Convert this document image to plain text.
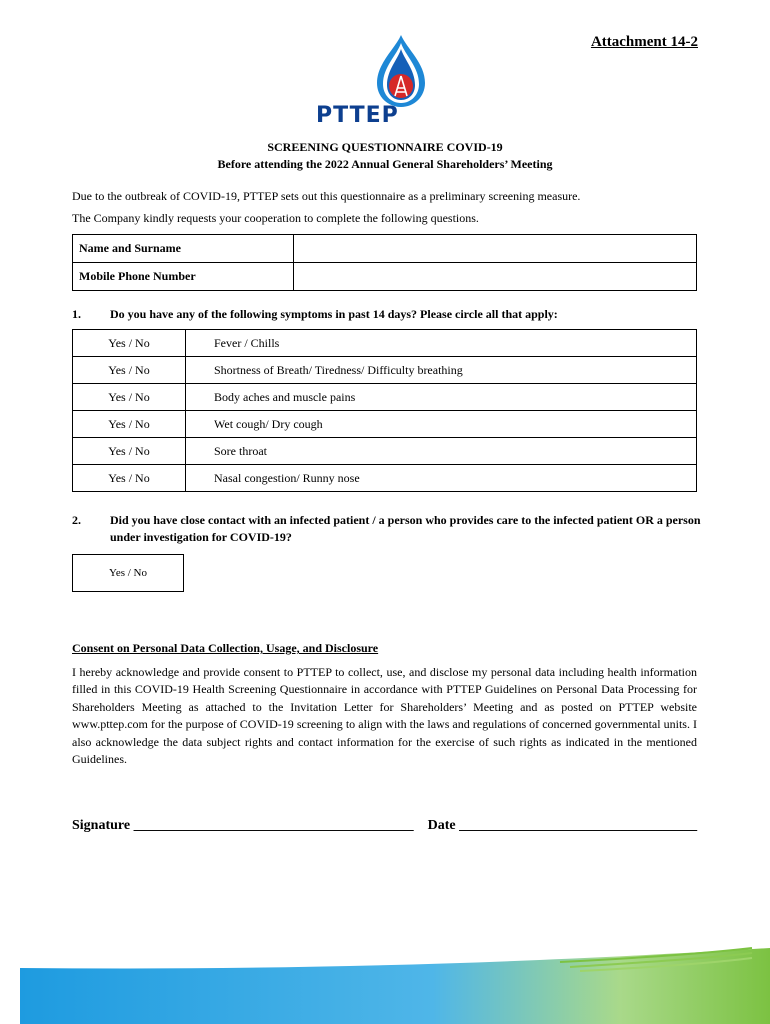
Attachment 14-2
PTTEP
SCREENING QUESTIONNAIRE COVID-19
Before attending the 2022 Annual General Shareholders’ Meeting
Due to the outbreak of COVID-19, PTTEP sets out this questionnaire as a preliminary screening measure.
The Company kindly requests your cooperation to complete the following questions.
Name and Surname	
Mobile Phone Number	
1. Do you have any of the following symptoms in past 14 days? Please circle all that apply:
Yes / No	Fever / Chills
Yes / No	Shortness of Breath/ Tiredness/ Difficulty breathing
Yes / No	Body aches and muscle pains
Yes / No	Wet cough/ Dry cough
Yes / No	Sore throat
Yes / No	Nasal congestion/ Runny nose
2. Did you have close contact with an infected patient / a person who provides care to the infected patient OR a person under investigation for COVID-19?
Yes / No
Consent on Personal Data Collection, Usage, and Disclosure
I hereby acknowledge and provide consent to PTTEP to collect, use, and disclose my personal data including health information filled in this COVID-19 Health Screening Questionnaire in accordance with PTTEP Guidelines on Personal Data Processing for Shareholders Meeting as attached to the Invitation Letter for Shareholders’ Meeting and as posted on PTTEP website www.pttep.com for the purpose of COVID-19 screening to align with the laws and regulations of concerned governmental units. I also acknowledge the data subject rights and contact information for the exercise of such rights as indicated in the mentioned Guidelines.
Signature ________________________________________ Date __________________________________
